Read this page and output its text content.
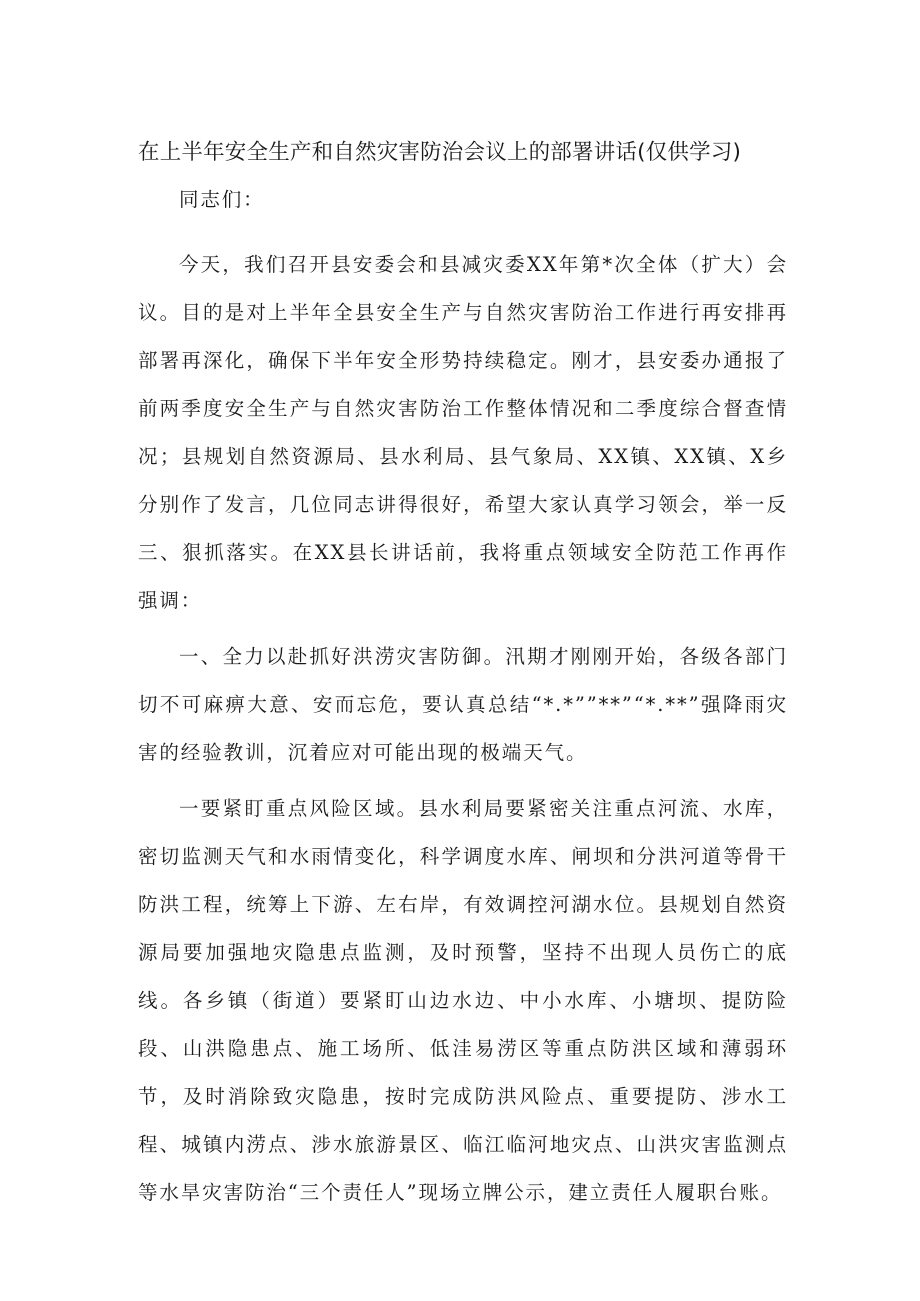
在上半年安全生产和自然灾害防治会议上的部署讲话(仅供学习)

同志们：

今天，我们召开县安委会和县减灾委XX年第*次全体（扩大）会议。目的是对上半年全县安全生产与自然灾害防治工作进行再安排再部署再深化，确保下半年安全形势持续稳定。刚才，县安委办通报了前两季度安全生产与自然灾害防治工作整体情况和二季度综合督查情况；县规划自然资源局、县水利局、县气象局、XX镇、XX镇、X乡分别作了发言，几位同志讲得很好，希望大家认真学习领会，举一反三、狠抓落实。在XX县长讲话前，我将重点领域安全防范工作再作强调：

一、全力以赴抓好洪涝灾害防御。汛期才刚刚开始，各级各部门切不可麻痹大意、安而忘危，要认真总结“*.*””**”“*.**”强降雨灾害的经验教训，沉着应对可能出现的极端天气。

一要紧盯重点风险区域。县水利局要紧密关注重点河流、水库，密切监测天气和水雨情变化，科学调度水库、闸坝和分洪河道等骨干防洪工程，统筹上下游、左右岸，有效调控河湖水位。县规划自然资源局要加强地灾隐患点监测，及时预警，坚持不出现人员伤亡的底线。各乡镇（街道）要紧盯山边水边、中小水库、小塘坝、提防险段、山洪隐患点、施工场所、低洼易涝区等重点防洪区域和薄弱环节，及时消除致灾隐患，按时完成防洪风险点、重要提防、涉水工程、城镇内涝点、涉水旅游景区、临江临河地灾点、山洪灾害监测点等水旱灾害防治“三个责任人”现场立牌公示，建立责任人履职台账。
